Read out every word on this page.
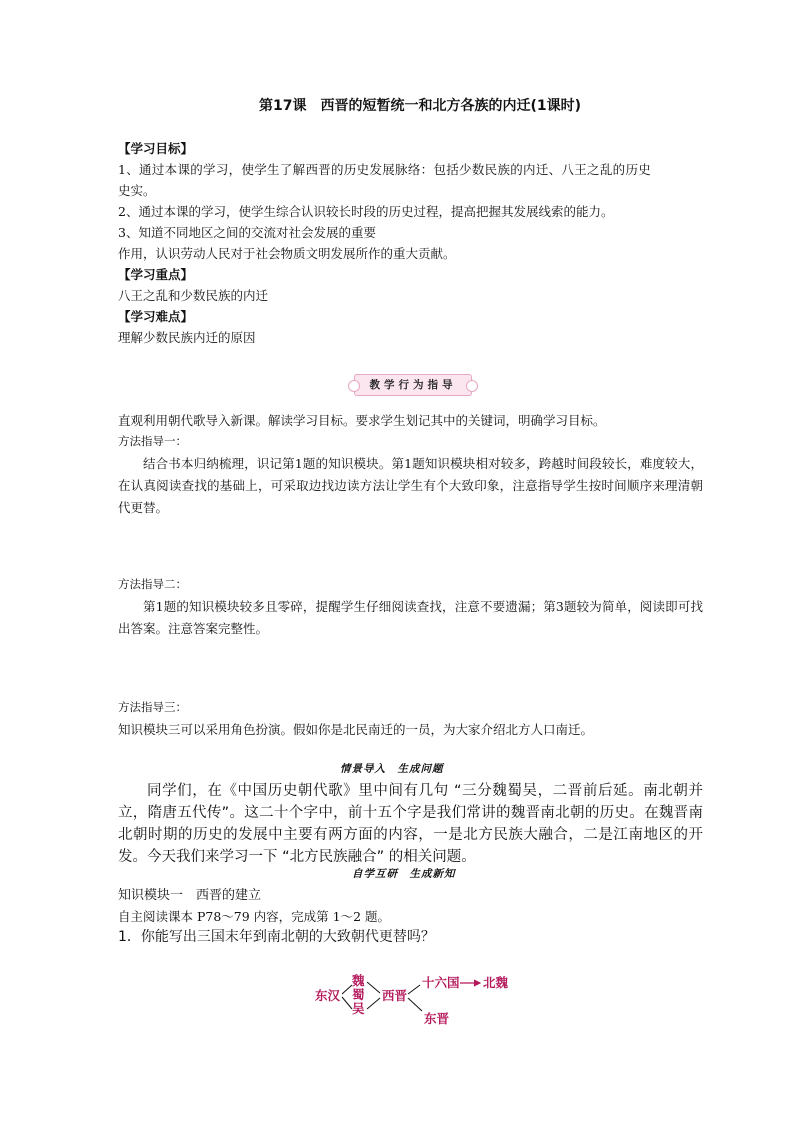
第17课　西晋的短暂统一和北方各族的内迁(1课时)
【学习目标】
1、通过本课的学习，使学生了解西晋的历史发展脉络：包括少数民族的内迁、八王之乱的历史
史实。
2、通过本课的学习，使学生综合认识较长时段的历史过程，提高把握其发展线索的能力。
3、知道不同地区之间的交流对社会发展的重要
作用，认识劳动人民对于社会物质文明发展所作的重大贡献。
【学习重点】
八王之乱和少数民族的内迁
【学习难点】
理解少数民族内迁的原因
教学行为指导
直观利用朝代歌导入新课。解读学习目标。要求学生划记其中的关键词，明确学习目标。
方法指导一：
结合书本归纳梳理，识记第1题的知识模块。第1题知识模块相对较多，跨越时间段较长，难度较大，在认真阅读查找的基础上，可采取边找边读方法让学生有个大致印象，注意指导学生按时间顺序来理清朝代更替。
方法指导二：
第1题的知识模块较多且零碎，提醒学生仔细阅读查找，注意不要遗漏；第3题较为简单，阅读即可找出答案。注意答案完整性。
方法指导三：
知识模块三可以采用角色扮演。假如你是北民南迁的一员，为大家介绍北方人口南迁。
情景导入　生成问题
同学们，在《中国历史朝代歌》里中间有几句 “三分魏蜀吴，二晋前后延。南北朝并立，隋唐五代传”。这二十个字中，前十五个字是我们常讲的魏晋南北朝的历史。在魏晋南北朝时期的历史的发展中主要有两方面的内容，一是北方民族大融合，二是江南地区的开发。今天我们来学习一下 “北方民族融合” 的相关问题。
自学互研　生成新知
知识模块一　西晋的建立
自主阅读课本 P78～79 内容，完成第 1～2 题。
1．你能写出三国末年到南北朝的大致朝代更替吗？
东汉
魏
蜀
吴
西晋
十六国 北魏
东晋
